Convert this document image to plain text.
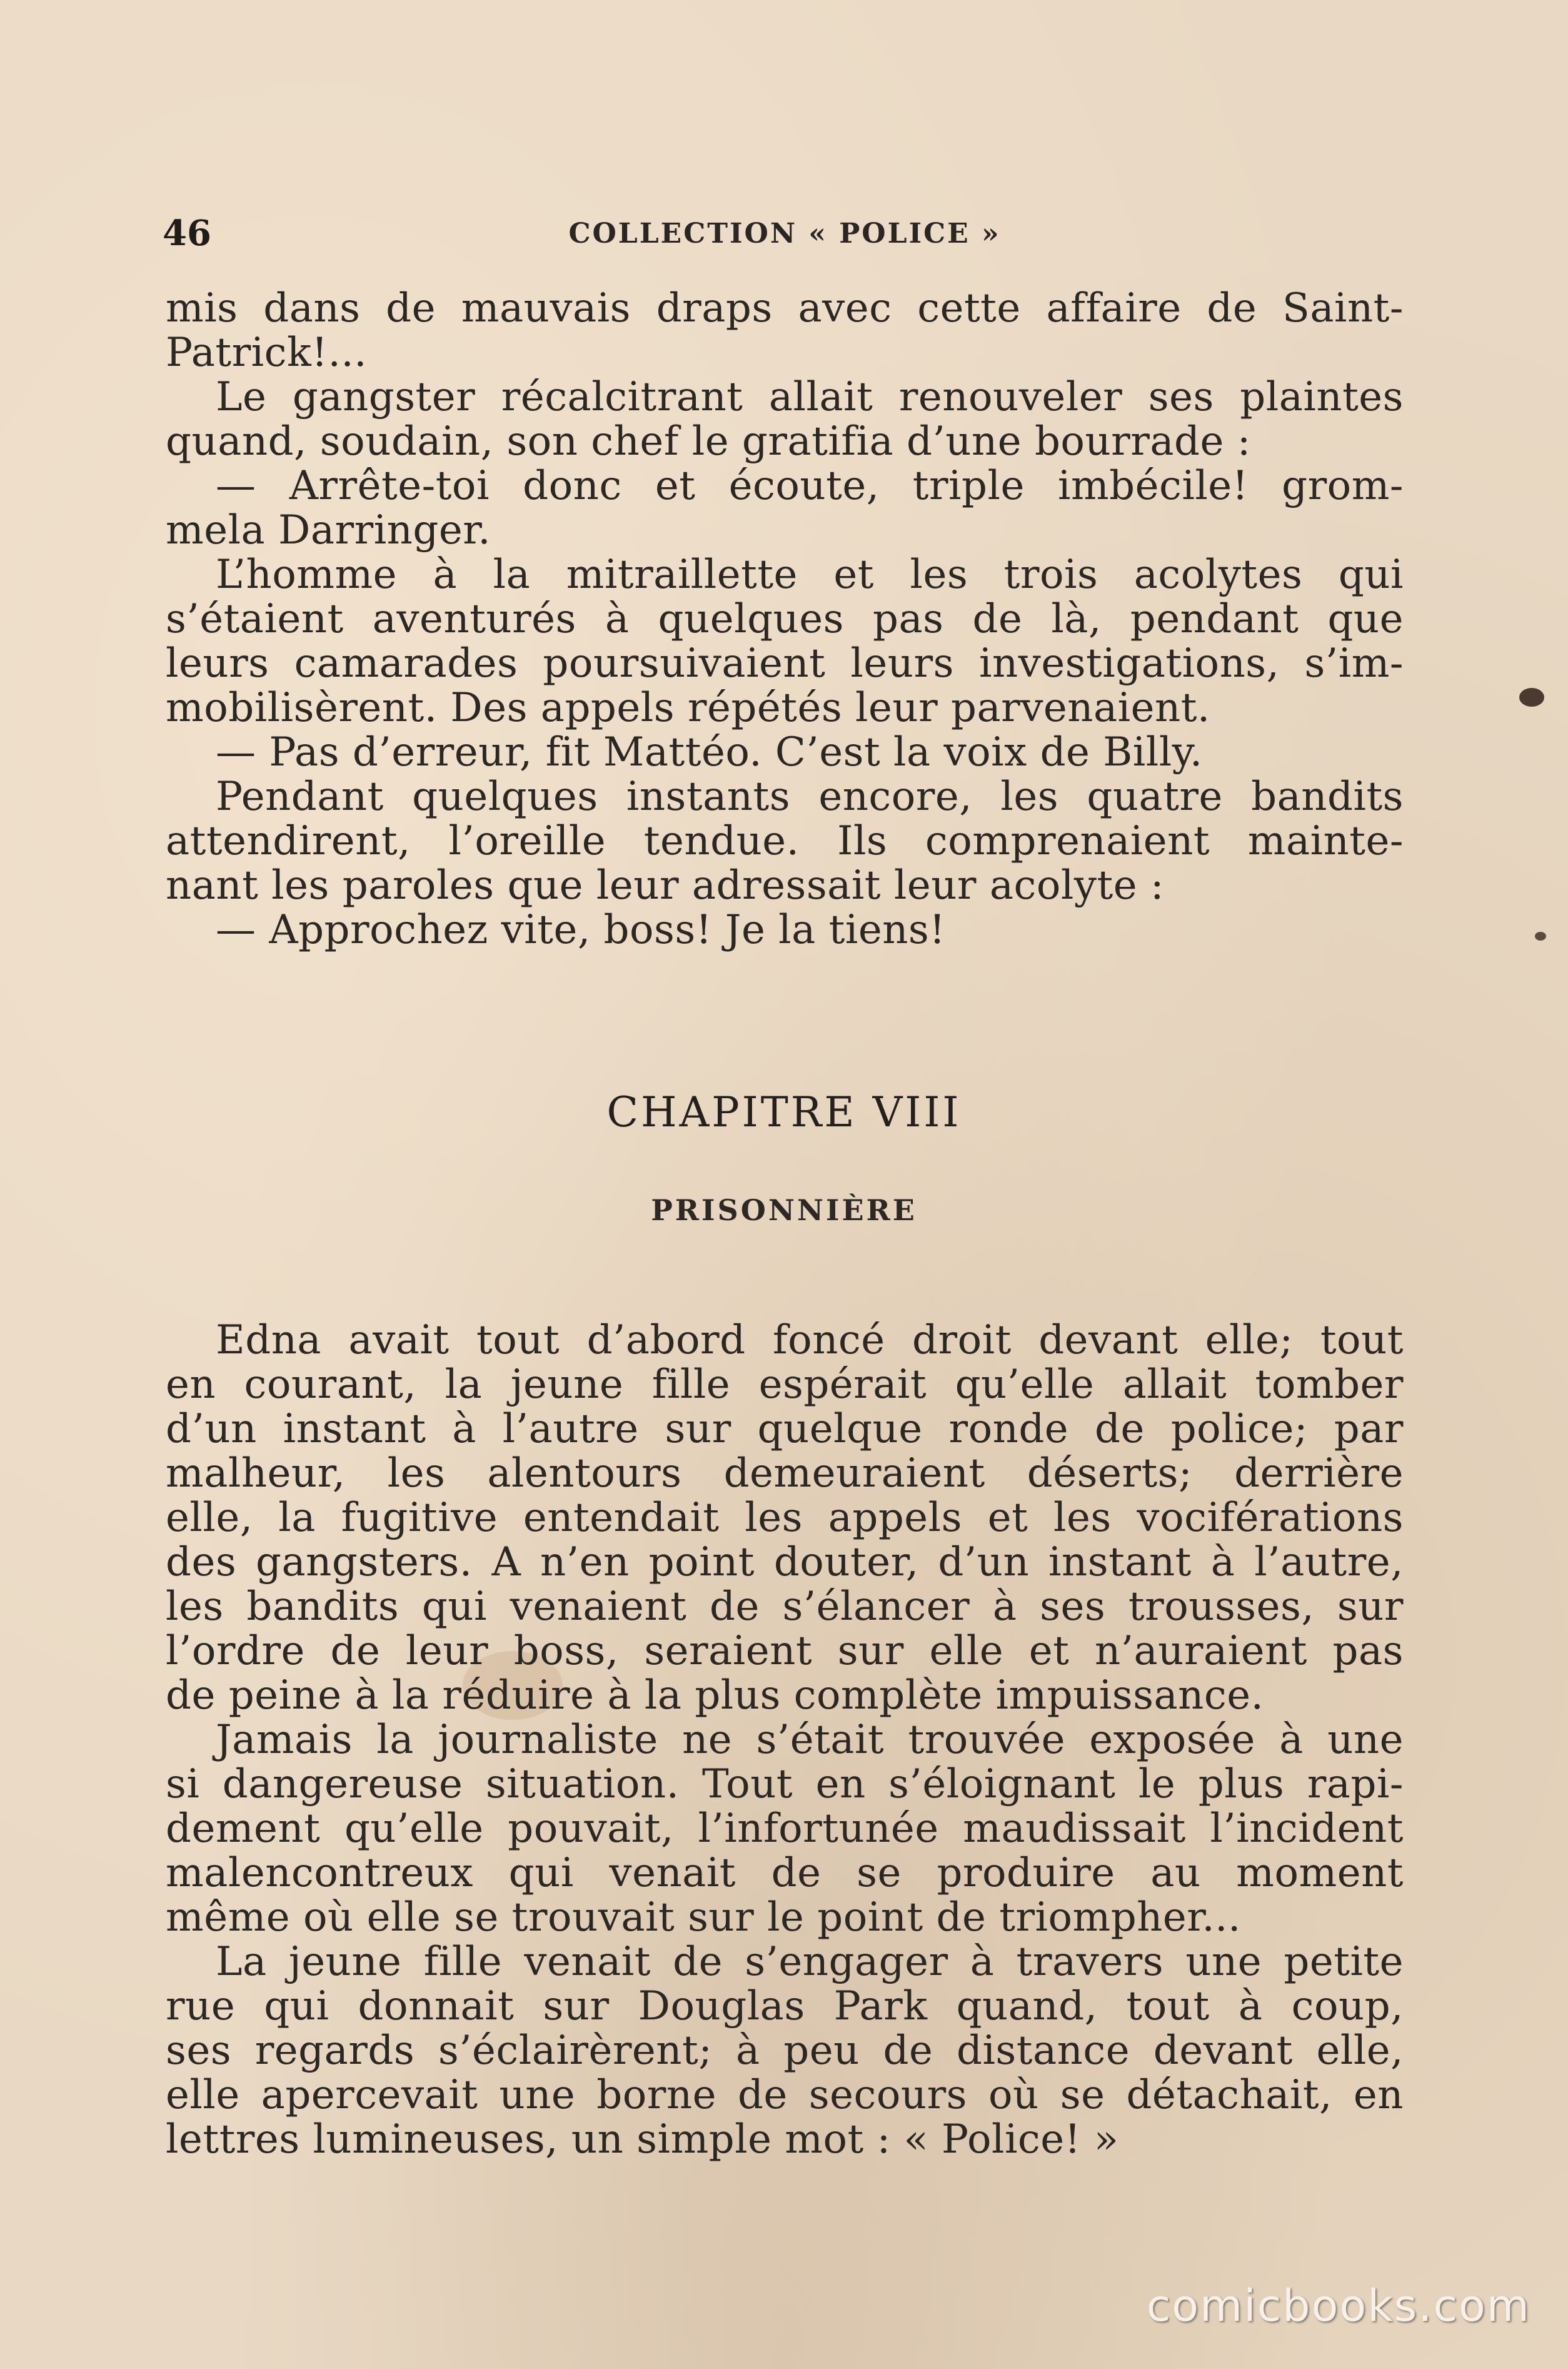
46	COLLECTION « POLICE »
mis dans de mauvais draps avec cette affaire de Saint-
Patrick!...
Le gangster récalcitrant allait renouveler ses plaintes
quand, soudain, son chef le gratifia d’une bourrade :
— Arrête-toi donc et écoute, triple imbécile! grom-
mela Darringer.
L’homme à la mitraillette et les trois acolytes qui
s’étaient aventurés à quelques pas de là, pendant que
leurs camarades poursuivaient leurs investigations, s’im-
mobilisèrent. Des appels répétés leur parvenaient.
— Pas d’erreur, fit Mattéo. C’est la voix de Billy.
Pendant quelques instants encore, les quatre bandits
attendirent, l’oreille tendue. Ils comprenaient mainte-
nant les paroles que leur adressait leur acolyte :
— Approchez vite, boss! Je la tiens!
CHAPITRE VIII
PRISONNIÈRE
Edna avait tout d’abord foncé droit devant elle; tout
en courant, la jeune fille espérait qu’elle allait tomber
d’un instant à l’autre sur quelque ronde de police; par
malheur, les alentours demeuraient déserts; derrière
elle, la fugitive entendait les appels et les vociférations
des gangsters. A n’en point douter, d’un instant à l’autre,
les bandits qui venaient de s’élancer à ses trousses, sur
l’ordre de leur boss, seraient sur elle et n’auraient pas
de peine à la réduire à la plus complète impuissance.
Jamais la journaliste ne s’était trouvée exposée à une
si dangereuse situation. Tout en s’éloignant le plus rapi-
dement qu’elle pouvait, l’infortunée maudissait l’incident
malencontreux qui venait de se produire au moment
même où elle se trouvait sur le point de triompher...
La jeune fille venait de s’engager à travers une petite
rue qui donnait sur Douglas Park quand, tout à coup,
ses regards s’éclairèrent; à peu de distance devant elle,
elle apercevait une borne de secours où se détachait, en
lettres lumineuses, un simple mot : « Police! »
comicbooks.com
